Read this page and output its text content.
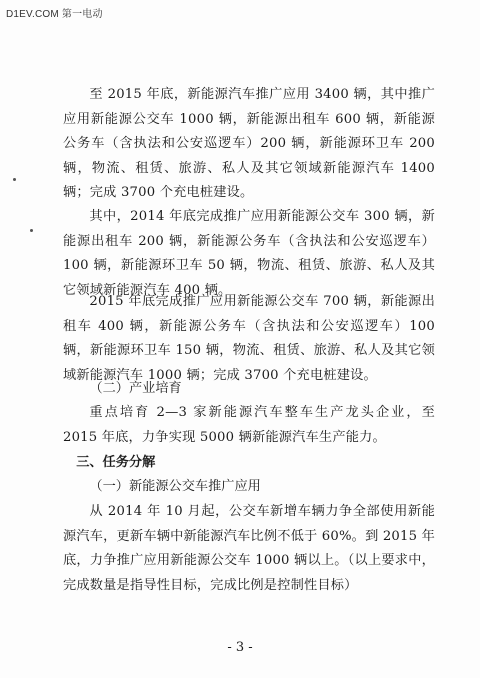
D1EV.COM 第一电动

至 2015 年底，新能源汽车推广应用 3400 辆，其中推广应用新能源公交车 1000 辆，新能源出租车 600 辆，新能源公务车（含执法和公安巡逻车）200 辆，新能源环卫车 200 辆，物流、租赁、旅游、私人及其它领域新能源汽车 1400 辆；完成 3700 个充电桩建设。

其中，2014 年底完成推广应用新能源公交车 300 辆，新能源出租车 200 辆，新能源公务车（含执法和公安巡逻车）100 辆，新能源环卫车 50 辆，物流、租赁、旅游、私人及其它领域新能源汽车 400 辆。

2015 年底完成推广应用新能源公交车 700 辆，新能源出租车 400 辆，新能源公务车（含执法和公安巡逻车）100 辆，新能源环卫车 150 辆，物流、租赁、旅游、私人及其它领域新能源汽车 1000 辆；完成 3700 个充电桩建设。

（二）产业培育

重点培育 2—3 家新能源汽车整车生产龙头企业，至 2015 年底，力争实现 5000 辆新能源汽车生产能力。

三、任务分解
（一）新能源公交车推广应用

从 2014 年 10 月起，公交车新增车辆力争全部使用新能源汽车，更新车辆中新能源汽车比例不低于 60%。到 2015 年底，力争推广应用新能源公交车 1000 辆以上。（以上要求中，完成数量是指导性目标，完成比例是控制性目标）

- 3 -
